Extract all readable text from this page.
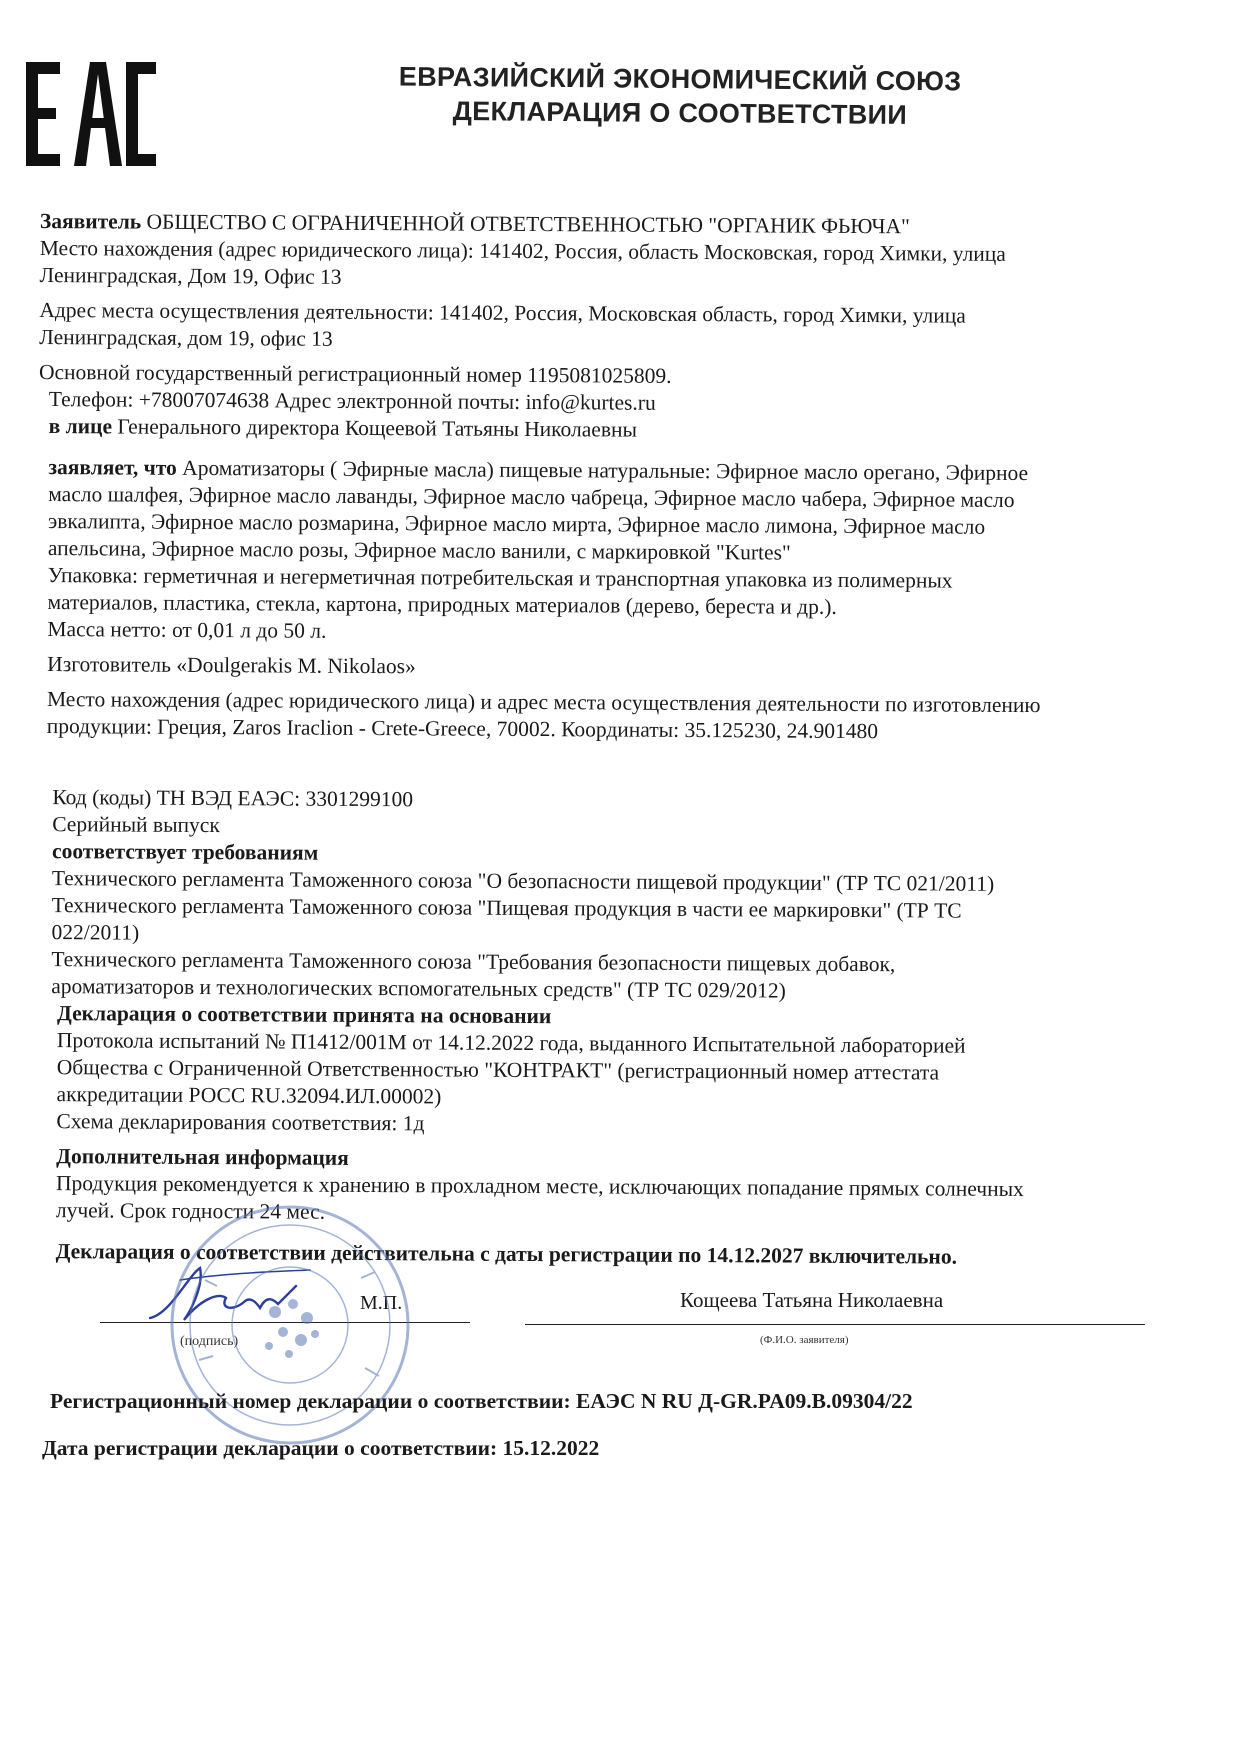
ЕВРАЗИЙСКИЙ ЭКОНОМИЧЕСКИЙ СОЮЗ
ДЕКЛАРАЦИЯ О СООТВЕТСТВИИ

Заявитель ОБЩЕСТВО С ОГРАНИЧЕННОЙ ОТВЕТСТВЕННОСТЬЮ "ОРГАНИК ФЬЮЧА"

Место нахождения (адрес юридического лица): 141402, Россия, область Московская, город Химки, улица

Ленинградская, Дом 19, Офис 13

Адрес места осуществления деятельности: 141402, Россия, Московская область, город Химки, улица

Ленинградская, дом 19, офис 13

Основной государственный регистрационный номер 1195081025809.

Телефон: +78007074638 Адрес электронной почты: info@kurtes.ru

в лице Генерального директора Кощеевой Татьяны Николаевны

заявляет, что Ароматизаторы ( Эфирные масла) пищевые натуральные: Эфирное масло орегано, Эфирное

масло шалфея, Эфирное масло лаванды, Эфирное масло чабреца, Эфирное масло чабера, Эфирное масло

эвкалипта, Эфирное масло розмарина, Эфирное масло мирта, Эфирное масло лимона, Эфирное масло

апельсина, Эфирное масло розы, Эфирное масло ванили, с маркировкой "Kurtes"

Упаковка: герметичная и негерметичная потребительская и транспортная упаковка из полимерных

материалов, пластика, стекла, картона, природных материалов (дерево, береста и др.).

Масса нетто: от 0,01 л до 50 л.

Изготовитель «Doulgerakis M. Nikolaos»

Место нахождения (адрес юридического лица) и адрес места осуществления деятельности по изготовлению

продукции: Греция, Zaros Iraclion - Crete-Greece, 70002. Координаты: 35.125230, 24.901480

Код (коды) ТН ВЭД ЕАЭС: 3301299100

Серийный выпуск

соответствует требованиям

Технического регламента Таможенного союза "О безопасности пищевой продукции" (ТР ТС 021/2011)

Технического регламента Таможенного союза "Пищевая продукция в части ее маркировки" (ТР ТС

022/2011)

Технического регламента Таможенного союза "Требования безопасности пищевых добавок,

ароматизаторов и технологических вспомогательных средств" (ТР ТС 029/2012)

Декларация о соответствии принята на основании

Протокола испытаний № П1412/001М от 14.12.2022 года, выданного Испытательной лабораторией

Общества с Ограниченной Ответственностью "КОНТРАКТ" (регистрационный номер аттестата

аккредитации РОСС RU.32094.ИЛ.00002)

Схема декларирования соответствия: 1д

Дополнительная информация

Продукция рекомендуется к хранению в прохладном месте, исключающих попадание прямых солнечных

лучей. Срок годности 24 мес.

Декларация о соответствии действительна с даты регистрации по 14.12.2027 включительно.

М.П.
(подпись)
Кощеева Татьяна Николаевна
(Ф.И.О. заявителя)

Регистрационный номер декларации о соответствии: ЕАЭС N RU Д-GR.PA09.B.09304/22

Дата регистрации декларации о соответствии: 15.12.2022
